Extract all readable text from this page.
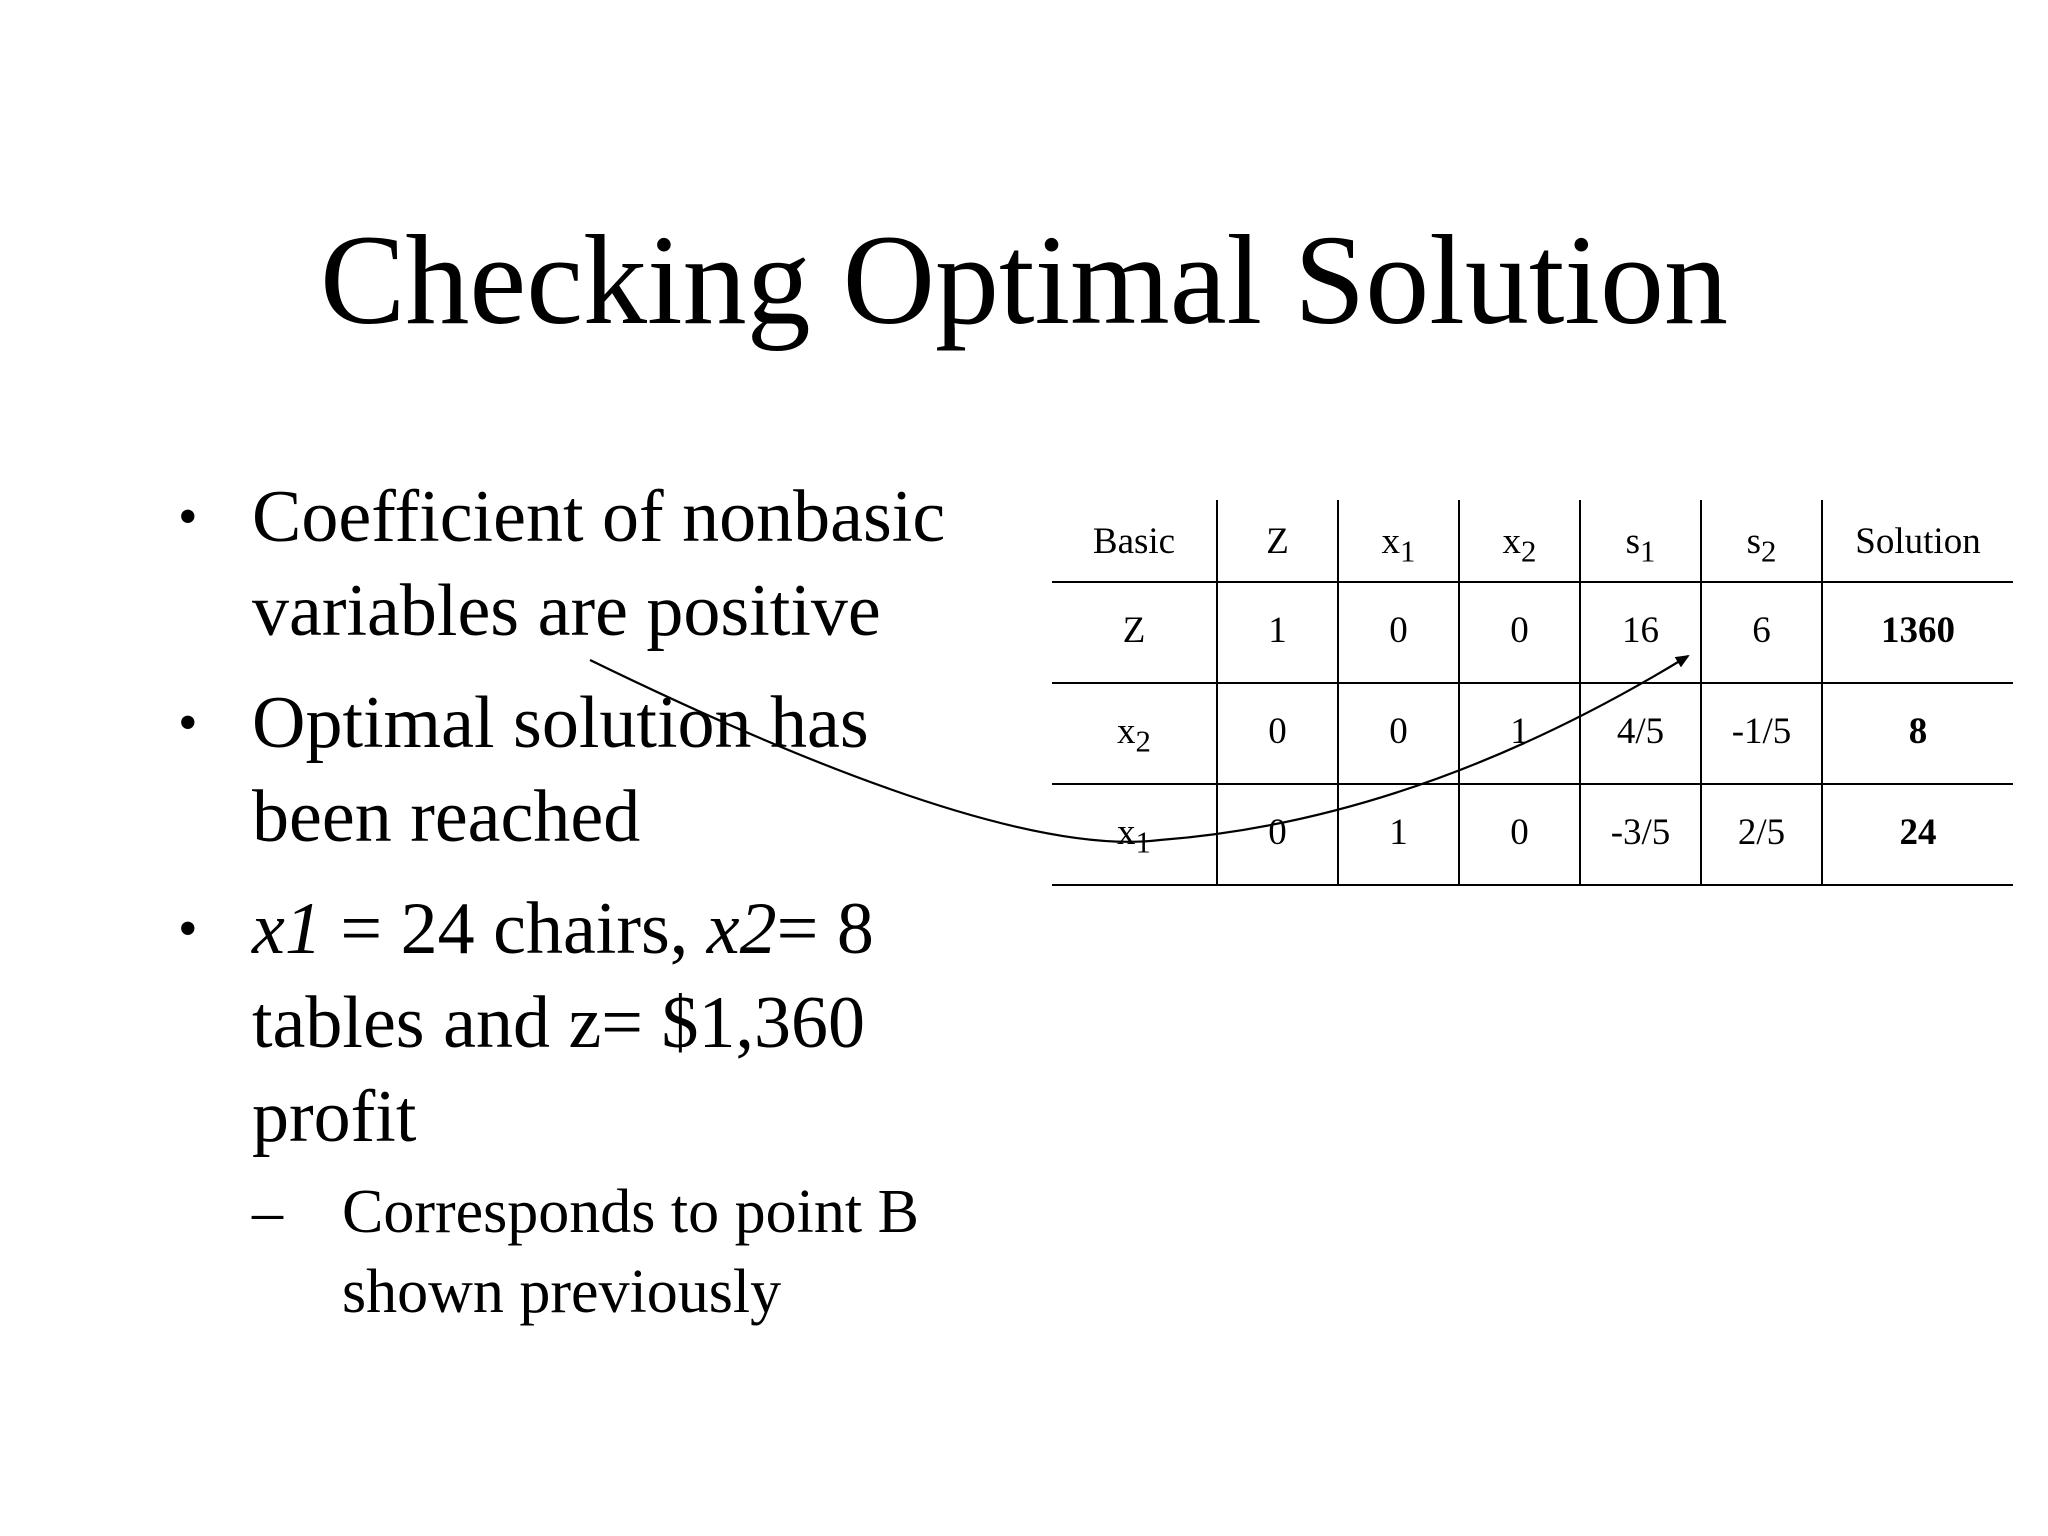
Checking Optimal Solution
• Coefficient of nonbasic variables are positive
• Optimal solution has been reached
• x1 = 24 chairs, x2= 8 tables and z= $1,360 profit
– Corresponds to point B shown previously
Basic	Z	$x_1$	$x_2$	$s_1$	$s_2$	Solution
Z	1	0	0	16	6	1360
$x_2$	0	0	1	4/5	-1/5	8
$x_1$	0	1	0	-3/5	2/5	24
